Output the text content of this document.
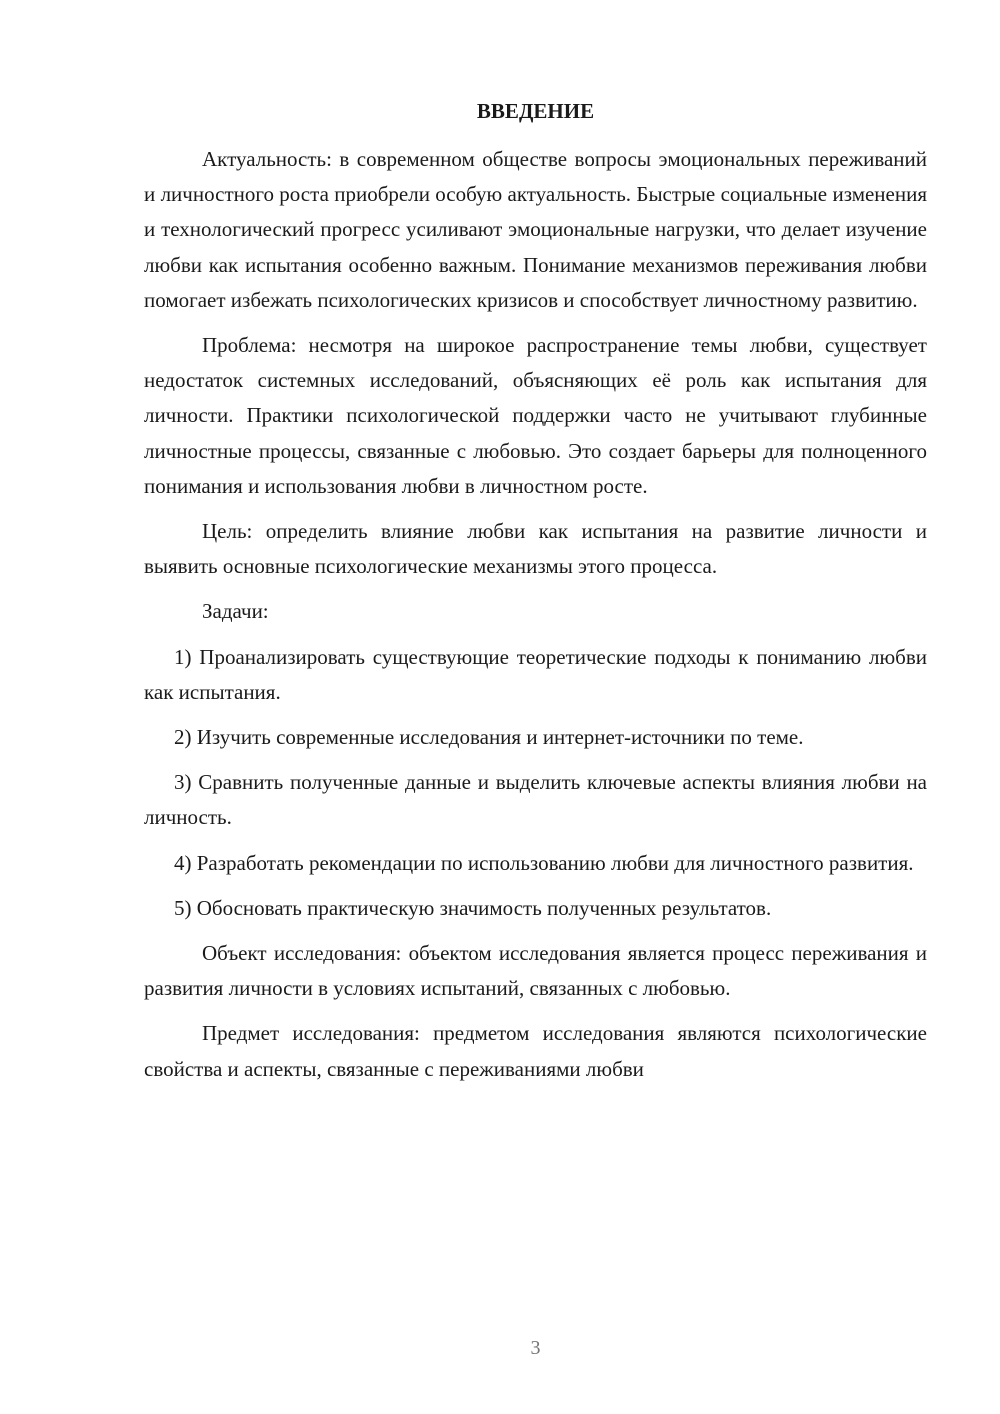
ВВЕДЕНИЕ

Актуальность: в современном обществе вопросы эмоциональных переживаний и личностного роста приобрели особую актуальность. Быстрые социальные изменения и технологический прогресс усиливают эмоциональные нагрузки, что делает изучение любви как испытания особенно важным. Понимание механизмов переживания любви помогает избежать психологических кризисов и способствует личностному развитию.

Проблема: несмотря на широкое распространение темы любви, существует недостаток системных исследований, объясняющих её роль как испытания для личности. Практики психологической поддержки часто не учитывают глубинные личностные процессы, связанные с любовью. Это создает барьеры для полноценного понимания и использования любви в личностном росте.

Цель: определить влияние любви как испытания на развитие личности и выявить основные психологические механизмы этого процесса.

Задачи:

1) Проанализировать существующие теоретические подходы к пониманию любви как испытания.

2) Изучить современные исследования и интернет-источники по теме.

3) Сравнить полученные данные и выделить ключевые аспекты влияния любви на личность.

4) Разработать рекомендации по использованию любви для личностного развития.

5) Обосновать практическую значимость полученных результатов.

Объект исследования: объектом исследования является процесс переживания и развития личности в условиях испытаний, связанных с любовью.

Предмет исследования: предметом исследования являются психологические свойства и аспекты, связанные с переживаниями любви

3
